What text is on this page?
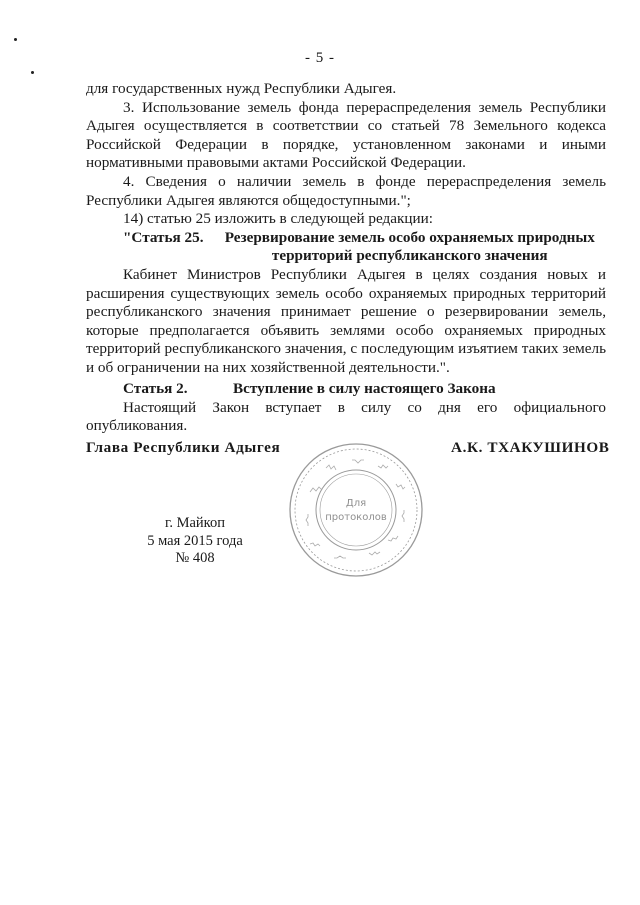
- 5 -

для государственных нужд Республики Адыгея.

3. Использование земель фонда перераспределения земель Республики Адыгея осуществляется в соответствии со статьей 78 Земельного кодекса Российской Федерации в порядке, установленном законами и иными нормативными правовыми актами Российской Федерации.

4. Сведения о наличии земель в фонде перераспределения земель Республики Адыгея являются общедоступными.";

14) статью 25 изложить в следующей редакции:

"Статья 25.	Резервирование земель особо охраняемых природных территорий республиканского значения

Кабинет Министров Республики Адыгея в целях создания новых и расширения существующих земель особо охраняемых природных территорий республиканского значения принимает решение о резервировании земель, которые предполагается объявить землями особо охраняемых природных территорий республиканского значения, с последующим изъятием таких земель и об ограничении на них хозяйственной деятельности.".

Статья 2.	Вступление в силу настоящего Закона

Настоящий Закон вступает в силу со дня его официального опубликования.

Глава Республики Адыгея	А.К. ТХАКУШИНОВ
Для
протоколов
г. Майкоп
5 мая 2015 года
№ 408
